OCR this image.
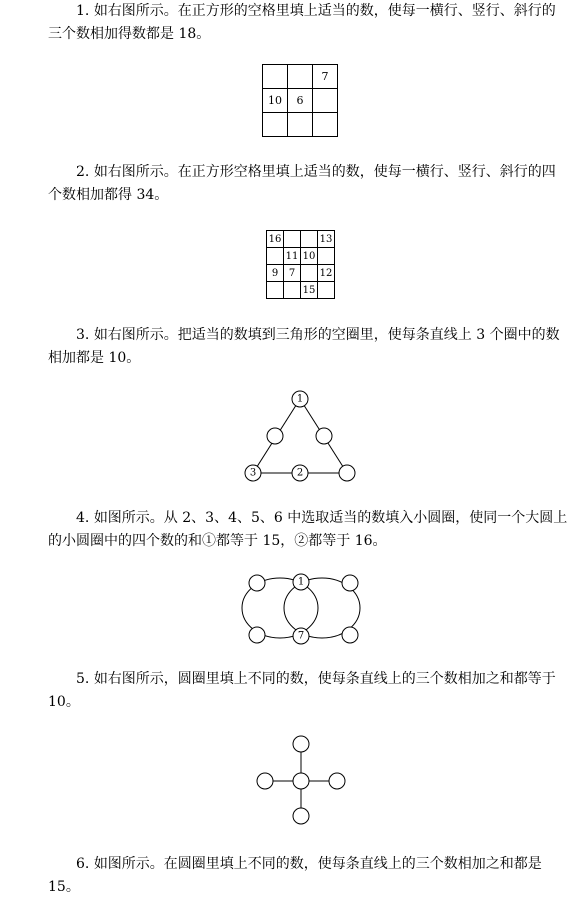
1. 如右图所示。在正方形的空格里填上适当的数，使每一横行、竖行、斜行的三个数相加得数都是 18。

		7
10	6	

2. 如右图所示。在正方形空格里填上适当的数，使每一横行、竖行、斜行的四个数相加都得 34。

16			13
	11	10	
9	7		12
		15	

3. 如右图所示。把适当的数填到三角形的空圈里，使每条直线上 3 个圈中的数相加都是 10。

1
3	2

4. 如图所示。从 2、3、4、5、6 中选取适当的数填入小圆圈，使同一个大圆上的小圆圈中的四个数的和①都等于 15，②都等于 16。

1
7

5. 如右图所示，圆圈里填上不同的数，使每条直线上的三个数相加之和都等于 10。

6. 如图所示。在圆圈里填上不同的数，使每条直线上的三个数相加之和都是 15。
